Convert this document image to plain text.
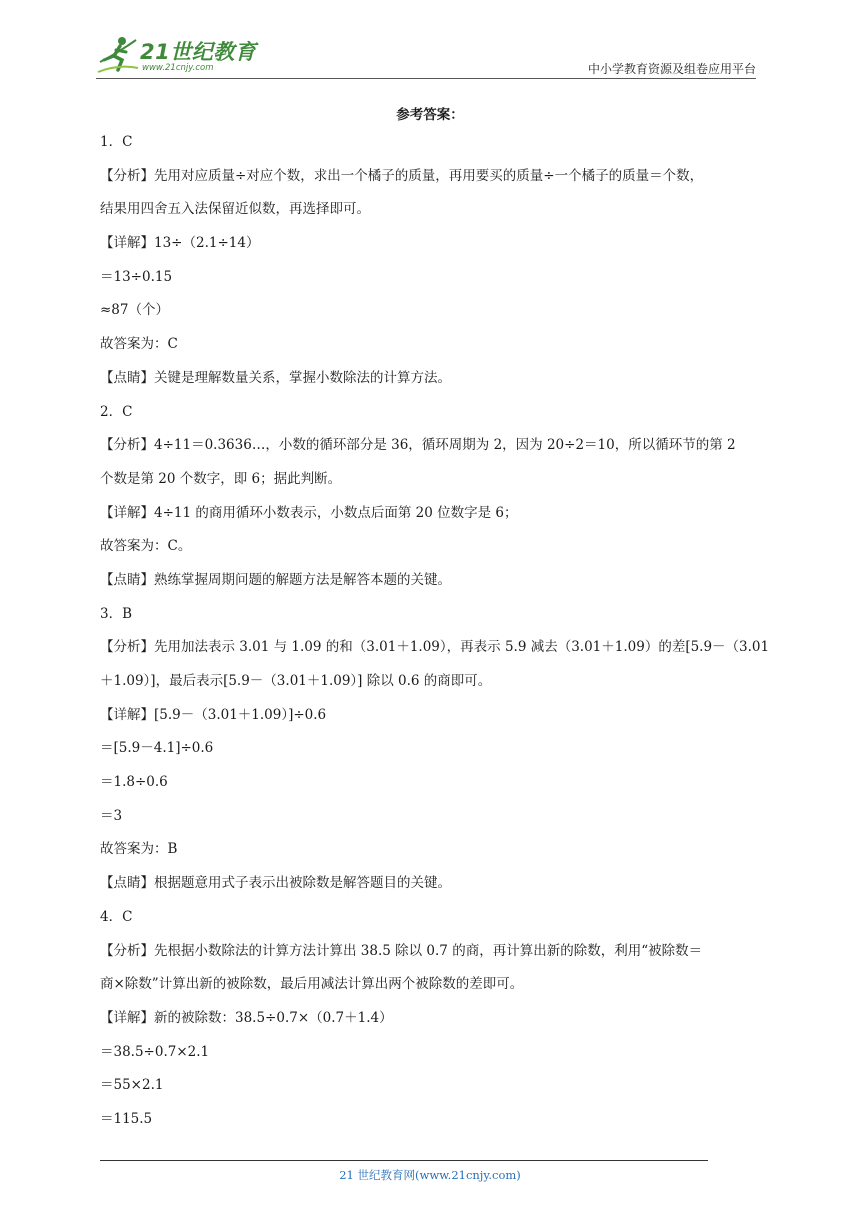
21世纪教育
www.21cnjy.com	中小学教育资源及组卷应用平台
参考答案：
1．C
【分析】先用对应质量÷对应个数，求出一个橘子的质量，再用要买的质量÷一个橘子的质量＝个数，
结果用四舍五入法保留近似数，再选择即可。
【详解】13÷（2.1÷14）
＝13÷0.15
≈87（个）
故答案为：C
【点睛】关键是理解数量关系，掌握小数除法的计算方法。
2．C
【分析】4÷11＝0.3636…，小数的循环部分是 36，循环周期为 2，因为 20÷2＝10，所以循环节的第 2
个数是第 20 个数字，即 6；据此判断。
【详解】4÷11 的商用循环小数表示，小数点后面第 20 位数字是 6；
故答案为：C。
【点睛】熟练掌握周期问题的解题方法是解答本题的关键。
3．B
【分析】先用加法表示 3.01 与 1.09 的和（3.01＋1.09），再表示 5.9 减去（3.01＋1.09）的差[5.9－（3.01
＋1.09）]，最后表示[5.9－（3.01＋1.09）] 除以 0.6 的商即可。
【详解】[5.9－（3.01＋1.09）]÷0.6
＝[5.9－4.1]÷0.6
＝1.8÷0.6
＝3
故答案为：B
【点睛】根据题意用式子表示出被除数是解答题目的关键。
4．C
【分析】先根据小数除法的计算方法计算出 38.5 除以 0.7 的商，再计算出新的除数，利用“被除数＝
商×除数”计算出新的被除数，最后用减法计算出两个被除数的差即可。
【详解】新的被除数：38.5÷0.7×（0.7＋1.4）
＝38.5÷0.7×2.1
＝55×2.1
＝115.5
21 世纪教育网(www.21cnjy.com)
